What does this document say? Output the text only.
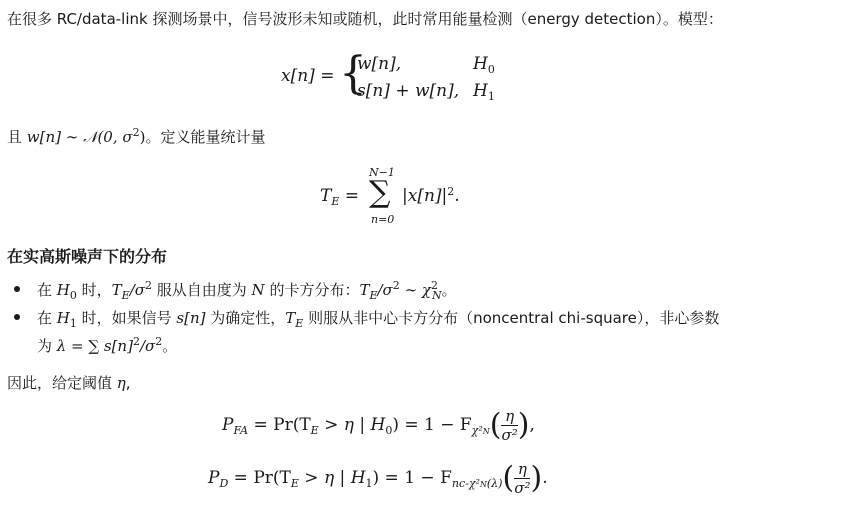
在很多 RC/data-link 探测场景中，信号波形未知或随机，此时常用能量检测（energy detection）。模型：
x[n] = {
w[n],	$H_0$
s[n] + w[n], $H_1$
且 w[n] ∼ 𝒩(0, $\sigma^2$)。定义能量统计量
$T_E$ =
N−1
∑
n=0
$|x[n]|^2$.
在实高斯噪声下的分布
在 $H_0$ 时，$T_E/\sigma^2$ 服从自由度为 N 的卡方分布：$T_E/\sigma^2$ ∼ $\chi^2_N$。
在 $H_1$ 时，如果信号 s[n] 为确定性，$T_E$ 则服从非中心卡方分布（noncentral chi-square），非心参数
为 λ = ∑ $s[n]^2/\sigma^2$。
因此，给定阈值 η,
$P_{FA} = Pr(T_E > \eta$ | $H_0) = 1 - F_{\chi^2N}( \frac{\eta}{\text{σ²}}$ ),
$P_D = Pr(T_E > \eta$ | $H_1) = 1 - F_{nc-\chi^2N(\lambda)}( \frac{\eta}{\text{σ²}}$ ).
